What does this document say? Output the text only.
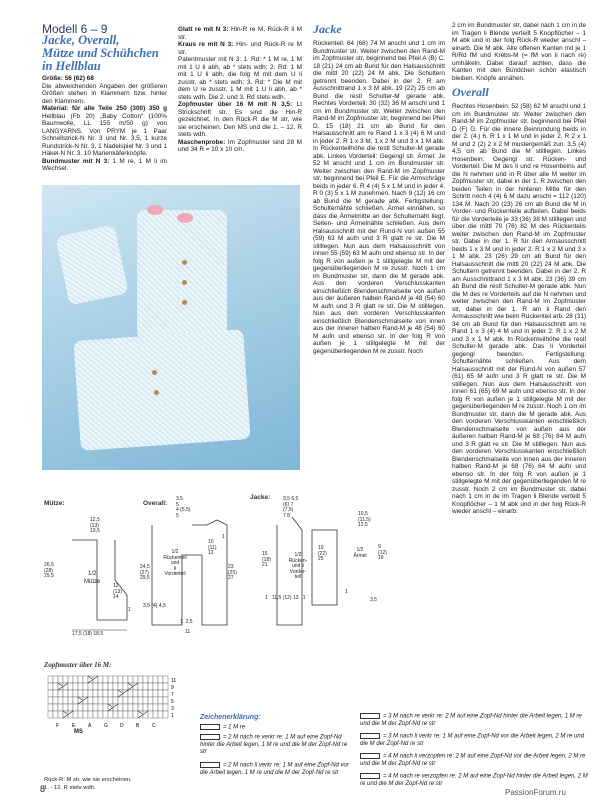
Modell 6 – 9
Jacke, Overall,
Mütze und Schühchen
in Hellblau
Größe: 56 (62) 68
Die abweichenden Angaben der größeren Größen stehen in Klammern bzw. hinter den Klammern.
Material: für alle Teile 250 (300) 350 g Hellblau (Fb 20) „Baby Cotton“ (100% Baumwolle, LL 155 m/50 g) von LANGYARNS. Von PRYM je 1 Paar Schnellstrick-N Nr. 3 und Nr. 3,5, 1 kurze Rundstrick-N Nr. 3, 1 Nadelspiel Nr. 3 und 1 Häkel-N Nr. 3. 10 Marienkäferknöpfe.
Bundmuster mit N 3: 1 M re, 1 M li im Wechsel.
Glatt re mit N 3: Hin-R re M, Rück-R li M str.
Kraus re mit N 3: Hin- und Rück-R re M str.
Patentmuster mit N 3: 1. Rd: * 1 M re, 1 M mit 1 U li abh, ab * stets wdh; 2. Rd: 1 M mit 1 U li abh, die folg M mit dem U li zusstr, ab * stets wdh; 3. Rd: * Die M mit dem U re zusstr, 1 M mit 1 U li abh, ab * stets wdh. Die 2. und 3. Rd stets wdh.
Zopfmuster über 16 M mit N 3,5: Lt Strickschrift str. Es sind die Hin-R gezeichnet. In den Rück-R die M str, wie sie erscheinen. Den MS und die 1. – 12. R stets wdh.
Maschenprobe: Im Zopfmuster sind 28 M und 34 R = 10 x 10 cm.
Jacke
Rückenteil: 64 (68) 74 M anschl und 1 cm im Bundmuster str. Weiter zwischen den Rand-M im Zopfmuster str, beginnend bei Pfeil A (B) C. 18 (21) 24 cm ab Bund für den Halsausschnitt die mittl 20 (22) 24 M abk. Die Schultern getrennt beenden. Dabei in der 2. R am Ausschnittrand 1 x 3 M abk. 19 (22) 25 cm ab Bund die restl Schulter-M gerade abk. Rechtes Vorderteil: 30 (32) 36 M anschl und 1 cm im Bundmuster str. Weiter zwischen den Rand-M im Zopfmuster str, beginnend bei Pfeil D. 15 (18) 21 cm ab Bund für den Halsausschnitt am re Rand 1 x 3 (4) 6 M und in jeder 2. R 1 x 3 M, 1 x 2 M und 3 x 1 M abk. In Rückenteilhöhe die restl Schulter-M gerade abk. Linkes Vorderteil: Gegengl str. Ärmel: Je 52 M anschl und 1 cm im Bundmuster str. Weiter zwischen den Rand-M im Zopfmuster str, beginnend bei Pfeil E. Für die Armschräge beids in jeder 6. R 4 (4) 5 x 1 M und in jeder 4. R 0 (3) 5 x 1 M zunehmen. Nach 9 (12) 16 cm ab Bund die M gerade abk. Fertigstellung: Schulternähte schließen. Ärmel einnähen, so dass die Ärmelmitte an der Schulternaht liegt. Seiten- und Ärmelnähte schließen. Aus dem Halsausschnitt mit der Rund-N von außen 55 (59) 63 M aufn und 3 R glatt re str. Die M stilllegen. Nun aus dem Halsausschnitt von innen 55 (59) 63 M aufn und ebenso str. In der folg R von außen je 1 stillgelegte M mit der gegenüberliegenden M re zusstr. Noch 1 cm im Bundmuster str, dann die M gerade abk. Aus den vorderen Verschlusskanten einschließlich Blendenschmalseite von außen aus der äußeren halben Rand-M je 48 (54) 60 M aufn und 3 R glatt re str. Die M stilllegen. Nun aus den vorderen Verschlusskanten einschließlich Blendenschmalseite von innen aus der inneren halben Rand-M je 48 (54) 60 M aufn und ebenso str. In der folg R von außen je 1 stillgelegte M mit der gegenüberliegenden M re zusstr. Noch
2 cm im Bundmuster str, dabei nach 1 cm in de im Tragen li Blende verteilt 5 Knopflöcher – 1 M abk und in der folg Rück-R wieder anschl – einarb. Die M abk. Alle offenen Kanten mit je 1 R/Rd fM und Krebs-M (= fM von li nach re) umhäkeln. Dabei darauf achten, dass die Kanten mit den Bündchen schön elastisch bleiben. Knöpfe annähen.
Overall
Rechtes Hosenbein: 52 (58) 62 M anschl und 1 cm im Bundmuster str. Weiter zwischen den Rand-M im Zopfmuster str, beginnend bei Pfeil D (F) G. Für die innere Beinrundung beids in der 2. (4.) 6. R 1 x 1 M und in jeder 2. R 2 x 1 M und 2 (2) 2 x 2 M mustergemäß zun. 3,5 (4) 4,5 cm ab Bund die M stilllegen. Linkes Hosenbein: Gegengl str. Rücken- und Vorderteil: Die M des li und re Hosenbeins auf die N nehmen und in R über alle M weiter im Zopfmuster str, dabei in der 1. R zwischen den beiden Teilen in der hinteren Mitte für den Schritt noch 4 (4) 6 M dazu anschl = 112 (120) 134 M. Nach 20 (23) 26 cm ab Bund die M in Vorder- und Rückenteile aufteilen. Dabei beids für die Vorderteile je 33 (36) 38 M stilllegen und über die mittl 70 (76) 82 M des Rückenteils weiter zwischen den Rand-M im Zopfmuster str. Dabei in der 1. R für den Armausschnitt beids 1 x 3 M und in jeder 2. R 1 x 2 M und 3 x 1 M abk. 23 (26) 29 cm ab Bund für den Halsausschnitt die mittl 20 (22) 24 M abk. Die Schultern getrennt beenden. Dabei in der 2. R am Ausschnittrand 1 x 3 M abk. 23 (36) 39 cm ab Bund die restl Schulter-M gerade abk. Nun die M des re Vorderteils auf die N nehmen und weiter zwischen den Rand-M im Zopfmuster str, dabei in der 1. R am li Rand den Armausschnitt wie beim Rückenteil arb. 28 (31) 34 cm ab Bund für den Halsausschnitt am re Rand 1 x 3 (4) 4 M und in jeder 2. R 1 x 2 M und 3 x 1 M abk. In Rückenteilhöhe die restl Schulter-M gerade abk. Das li Vorderteil gegengl beenden. Fertigstellung: Schulternähte schließen. Aus dem Halsausschnitt mit der Rund-N von außen 57 (61) 65 M aufn und 3 R glatt re str. Die M stilllegen. Nun aus dem Halsausschnitt von innen 61 (65) 69 M aufn und ebenso str. In der folg R von außen je 1 stillgelegte M mit der gegenüberliegenden M re zusstr. Noch 1 cm im Bundmuster str, dann die M gerade abk. Aus den vorderen Verschlusskanten einschließlich Blendenschmalseite von außen aus der äußeren halben Rand-M je 68 (76) 84 M aufn und 3 R glatt re str. Die M stilllegen. Nun aus den vorderen Verschlusskanten einschließlich Blendenschmalseite von innen aus der inneren halben Rand-M je 68 (76) 84 M aufn und ebenso str. In der folg R von außen je 1 stillgelegte M mit der gegenüberliegenden M re zusstr. Noch 2 cm im Bundmuster str, dabei nach 1 cm in de im Tragen li Blende verteilt 5 Knopflöcher – 1 M abk und in der folg Rück-R wieder anschl – einarb.
Mütze:	Overall:
Jacke:
1/2
Mütze
12,5
(13)
13,5
26,5
(28)
29,5
12
(13)
14
1
17,5 (18) 18,5
1/2
Rückenteil
und
li
Vorderteil
3,5
5
4 (5,5)
5
24,5
(27)
29,5
23
(25)
27
10
(11)
12
1
3,5 (4) 4,5
1 2,5
11
1/2
Rücken-
und li
Vorder-
teil
3,5 6,5
(6) 7
(7,5)
7 8
15
(18)
21
19
(22)
25
10,5
(11,5)
12,5
1/2
Ärmel
9
(12)
16
1
1 11,5 (12) 13 1	3,5
Zopfmuster über 16 M:
11
9
7
5
3
1
F	E	A	G D B	C
MS
Rück-R: M str, wie sie erscheinen.
1. - 12. R stets wdh.
Zeichenerklärung:
= 1 M re
= 2 M nach re verkr re: 1 M auf eine Zopf-Nd hinter die Arbeit legen, 1 M re und die M der Zopf-Nd re str
= 2 M nach li verkr re: 1 M auf eine Zopf-Nd vor die Arbeit legen, 1 M re und die M der Zopf-Nd re str
= 3 M nach re verkr re: 2 M auf eine Zopf-Nd hinter die Arbeit legen, 1 M re und die M der Zopf-Nd re str
= 3 M nach li verkr re: 1 M auf eine Zopf-Nd vor die Arbeit legen, 2 M re und die M der Zopf-Nd re str
= 4 M nach li verzopfen re: 2 M auf eine Zopf-Nd vor die Arbeit legen, 2 M re und die M der Zopf-Nd re str
= 4 M nach re verzopfen re: 2 M auf eine Zopf-Nd hinter die Arbeit legen, 2 M re und die M der Zopf-Nd re str
8	PassionForum.ru
